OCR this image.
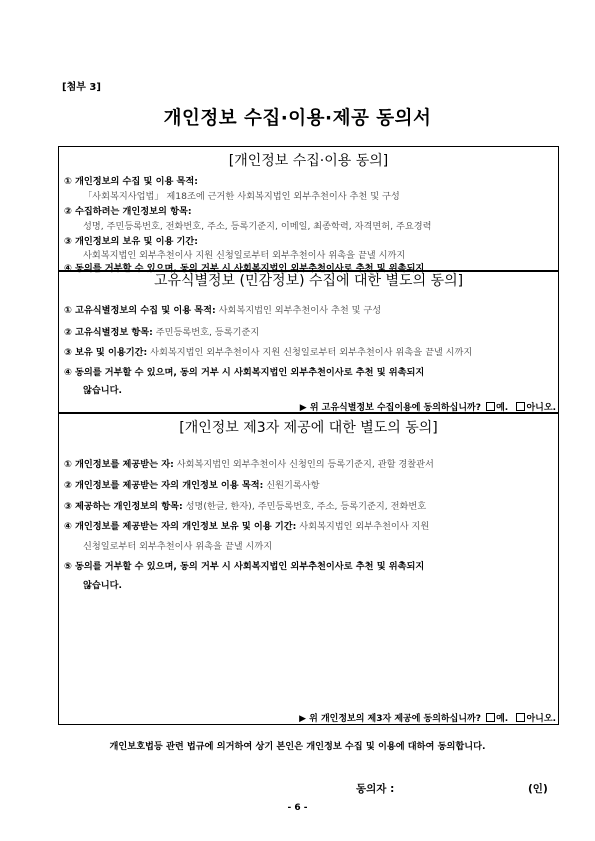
[첨부 3]
개인정보 수집·이용·제공 동의서
[개인정보 수집·이용 동의]
① 개인정보의 수집 및 이용 목적:
「사회복지사업법」 제18조에 근거한 사회복지법인 외부추천이사 추천 및 구성
② 수집하려는 개인정보의 항목:
성명, 주민등록번호, 전화번호, 주소, 등록기준지, 이메일, 최종학력, 자격면허, 주요경력
③ 개인정보의 보유 및 이용 기간:
사회복지법인 외부추천이사 지원 신청일로부터 외부추천이사 위촉을 끝낼 시까지
④ 동의를 거부할 수 있으며, 동의 거부 시 사회복지법인 외부추천이사로 추천 및 위촉되지
고유식별정보 (민감정보) 수집에 대한 별도의 동의]
① 고유식별정보의 수집 및 이용 목적: 사회복지법인 외부추천이사 추천 및 구성
② 고유식별정보 항목: 주민등록번호, 등록기준지
③ 보유 및 이용기간: 사회복지법인 외부추천이사 지원 신청일로부터 외부추천이사 위촉을 끝낼 시까지
④ 동의를 거부할 수 있으며, 동의 거부 시 사회복지법인 외부추천이사로 추천 및 위촉되지
않습니다.
▶ 위 고유식별정보 수집이용에 동의하십니까? 예. 아니오.
[개인정보 제3자 제공에 대한 별도의 동의]
① 개인정보를 제공받는 자: 사회복지법인 외부추천이사 신청인의 등록기준지, 관할 경찰관서
② 개인정보를 제공받는 자의 개인정보 이용 목적: 신원기록사항
③ 제공하는 개인정보의 항목: 성명(한글, 한자), 주민등록번호, 주소, 등록기준지, 전화번호
④ 개인정보를 제공받는 자의 개인정보 보유 및 이용 기간: 사회복지법인 외부추천이사 지원
신청일로부터 외부추천이사 위촉을 끝낼 시까지
⑤ 동의를 거부할 수 있으며, 동의 거부 시 사회복지법인 외부추천이사로 추천 및 위촉되지
않습니다.
▶ 위 개인정보의 제3자 제공에 동의하십니까? 예. 아니오.
개인보호법등 관련 법규에 의거하여 상기 본인은 개인정보 수집 및 이용에 대하여 동의합니다.
동의자 :	(인)
- 6 -
